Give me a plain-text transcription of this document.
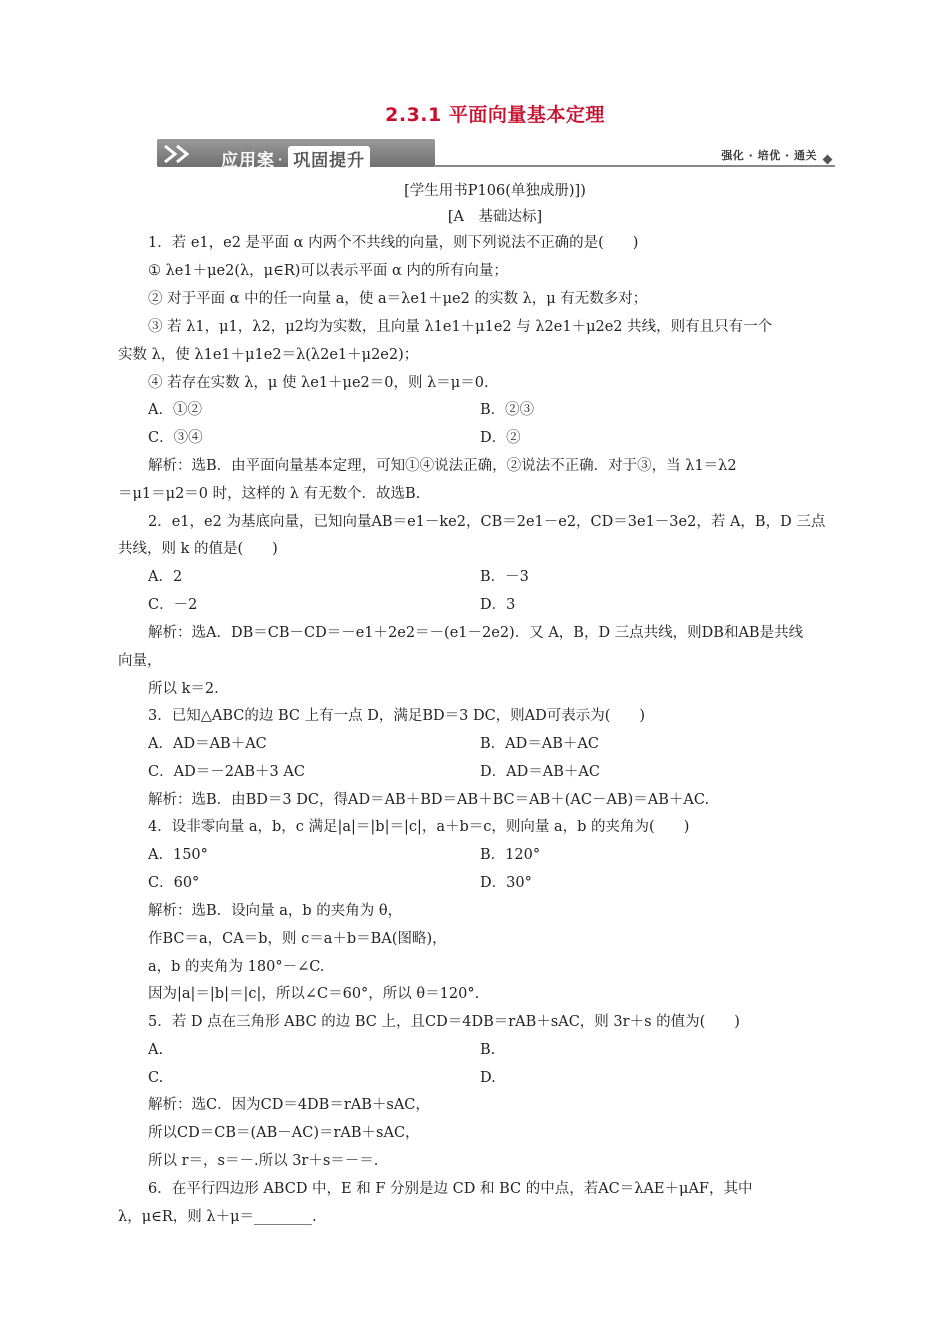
2.3.1 平面向量基本定理
应用案 · 巩固提升	强化 · 培优 · 通关
[学生用书P106(单独成册)])
[A　基础达标]
1．若 e1，e2 是平面 α 内两个不共线的向量，则下列说法不正确的是(　　)
① λe1＋μe2(λ，μ∈R)可以表示平面 α 内的所有向量；
② 对于平面 α 中的任一向量 a，使 a＝λe1＋μe2 的实数 λ，μ 有无数多对；
③ 若 λ1，μ1，λ2，μ2均为实数，且向量 λ1e1＋μ1e2 与 λ2e1＋μ2e2 共线，则有且只有一个
实数 λ，使 λ1e1＋μ1e2＝λ(λ2e1＋μ2e2)；
④ 若存在实数 λ，μ 使 λe1＋μe2＝0，则 λ＝μ＝0.
A．①②	B．②③
C．③④	D．②
解析：选B．由平面向量基本定理，可知①④说法正确，②说法不正确．对于③，当 λ1＝λ2
＝μ1＝μ2＝0 时，这样的 λ 有无数个．故选B.
2．e1，e2 为基底向量，已知向量AB＝e1－ke2，CB＝2e1－e2，CD＝3e1－3e2，若 A，B，D 三点
共线，则 k 的值是(　　)
A．2	B．－3
C．－2	D．3
解析：选A．DB＝CB－CD＝－e1＋2e2＝－(e1－2e2)．又 A，B，D 三点共线，则DB和AB是共线
向量，
所以 k＝2.
3．已知△ABC的边 BC 上有一点 D，满足BD＝3 DC，则AD可表示为(　　)
A．AD＝AB＋AC	B．AD＝AB＋AC
C．AD＝－2AB＋3 AC	D．AD＝AB＋AC
解析：选B．由BD＝3 DC，得AD＝AB＋BD＝AB＋BC＝AB＋(AC－AB)＝AB＋AC.
4．设非零向量 a，b，c 满足|a|＝|b|＝|c|，a＋b＝c，则向量 a，b 的夹角为(　　)
A．150°	B．120°
C．60°	D．30°
解析：选B．设向量 a，b 的夹角为 θ，
作BC＝a，CA＝b，则 c＝a＋b＝BA(图略)，
a，b 的夹角为 180°－∠C.
因为|a|＝|b|＝|c|，所以∠C＝60°，所以 θ＝120°.
5．若 D 点在三角形 ABC 的边 BC 上，且CD＝4DB＝rAB＋sAC，则 3r＋s 的值为(　　)
A.	B.
C.	D.
解析：选C．因为CD＝4DB＝rAB＋sAC，
所以CD＝CB＝(AB－AC)＝rAB＋sAC，
所以 r＝，s＝－.所以 3r＋s＝－＝.
6．在平行四边形 ABCD 中，E 和 F 分别是边 CD 和 BC 的中点，若AC＝λAE＋μAF，其中
λ，μ∈R，则 λ＋μ＝________.
